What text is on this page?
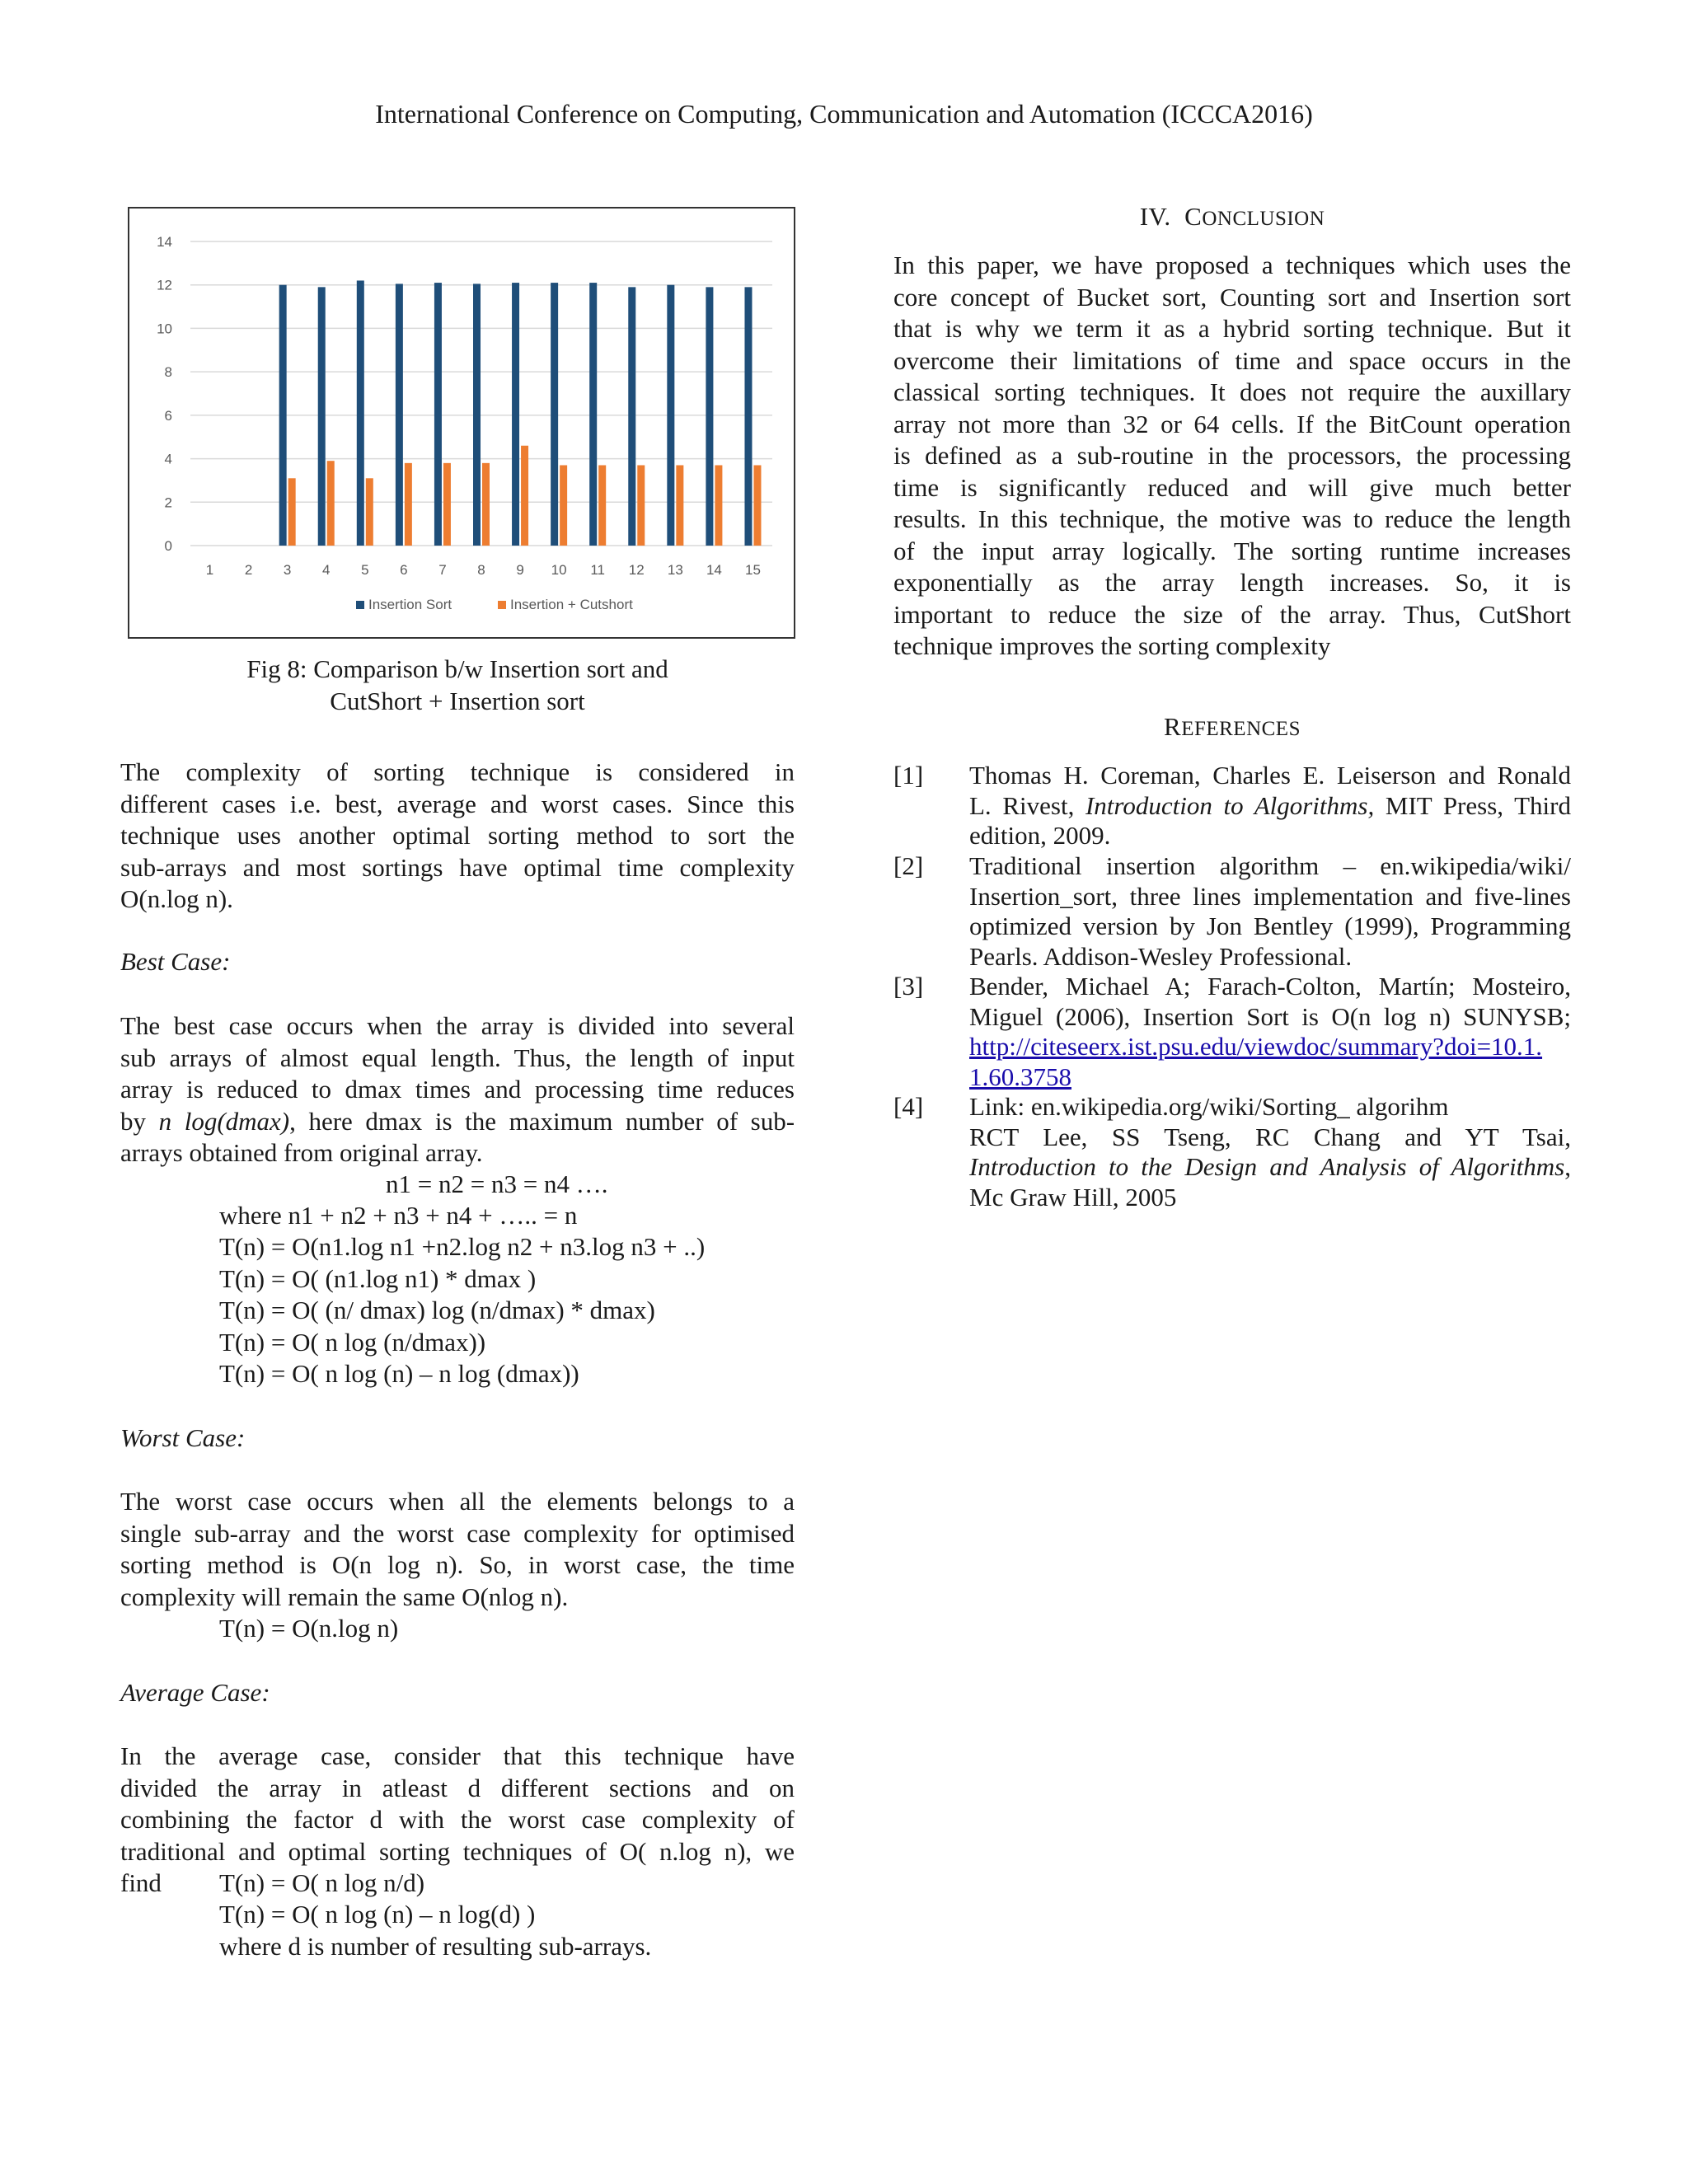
International Conference on Computing, Communication and Automation (ICCCA2016)
0
2
4
6
8
10
12
14
1 2 3 4 5 6 7 8 9 10 11 12 13 14 15
Insertion Sort	Insertion + Cutshort
Fig 8: Comparison b/w Insertion sort and
CutShort + Insertion sort
The complexity of sorting technique is considered in
different cases i.e. best, average and worst cases. Since this
technique uses another optimal sorting method to sort the
sub-arrays and most sortings have optimal time complexity
O(n.log n).
Best Case:
The best case occurs when the array is divided into several
sub arrays of almost equal length. Thus, the length of input
array is reduced to dmax times and processing time reduces
by n log(dmax), here dmax is the maximum number of sub-
arrays obtained from original array.
n1 = n2 = n3 = n4 ….
where n1 + n2 + n3 + n4 + ….. = n
T(n) = O(n1.log n1 +n2.log n2 + n3.log n3 + ..)
T(n) = O( (n1.log n1) * dmax )
T(n) = O( (n/ dmax) log (n/dmax) * dmax)
T(n) = O( n log (n/dmax))
T(n) = O( n log (n) – n log (dmax))
Worst Case:
The worst case occurs when all the elements belongs to a
single sub-array and the worst case complexity for optimised
sorting method is O(n log n). So, in worst case, the time
complexity will remain the same O(nlog n).
T(n) = O(n.log n)
Average Case:
In the average case, consider that this technique have
divided the array in atleast d different sections and on
combining the factor d with the worst case complexity of
traditional and optimal sorting techniques of O( n.log n), we
find T(n) = O( n log n/d)
T(n) = O( n log (n) – n log(d) )
where d is number of resulting sub-arrays.
IV. CONCLUSION
In this paper, we have proposed a techniques which uses the
core concept of Bucket sort, Counting sort and Insertion sort
that is why we term it as a hybrid sorting technique. But it
overcome their limitations of time and space occurs in the
classical sorting techniques. It does not require the auxillary
array not more than 32 or 64 cells. If the BitCount operation
is defined as a sub-routine in the processors, the processing
time is significantly reduced and will give much better
results. In this technique, the motive was to reduce the length
of the input array logically. The sorting runtime increases
exponentially as the array length increases. So, it is
important to reduce the size of the array. Thus, CutShort
technique improves the sorting complexity
REFERENCES
[1] Thomas H. Coreman, Charles E. Leiserson and Ronald
L. Rivest, Introduction to Algorithms, MIT Press, Third
edition, 2009.
[2] Traditional insertion algorithm – en.wikipedia/wiki/
Insertion_sort, three lines implementation and five-lines
optimized version by Jon Bentley (1999), Programming
Pearls. Addison-Wesley Professional.
[3] Bender, Michael A; Farach-Colton, Martín; Mosteiro,
Miguel (2006), Insertion Sort is O(n log n) SUNYSB;
http://citeseerx.ist.psu.edu/viewdoc/summary?doi=10.1.
1.60.3758
[4] Link: en.wikipedia.org/wiki/Sorting_ algorihm
RCT Lee, SS Tseng, RC Chang and YT Tsai,
Introduction to the Design and Analysis of Algorithms,
Mc Graw Hill, 2005
